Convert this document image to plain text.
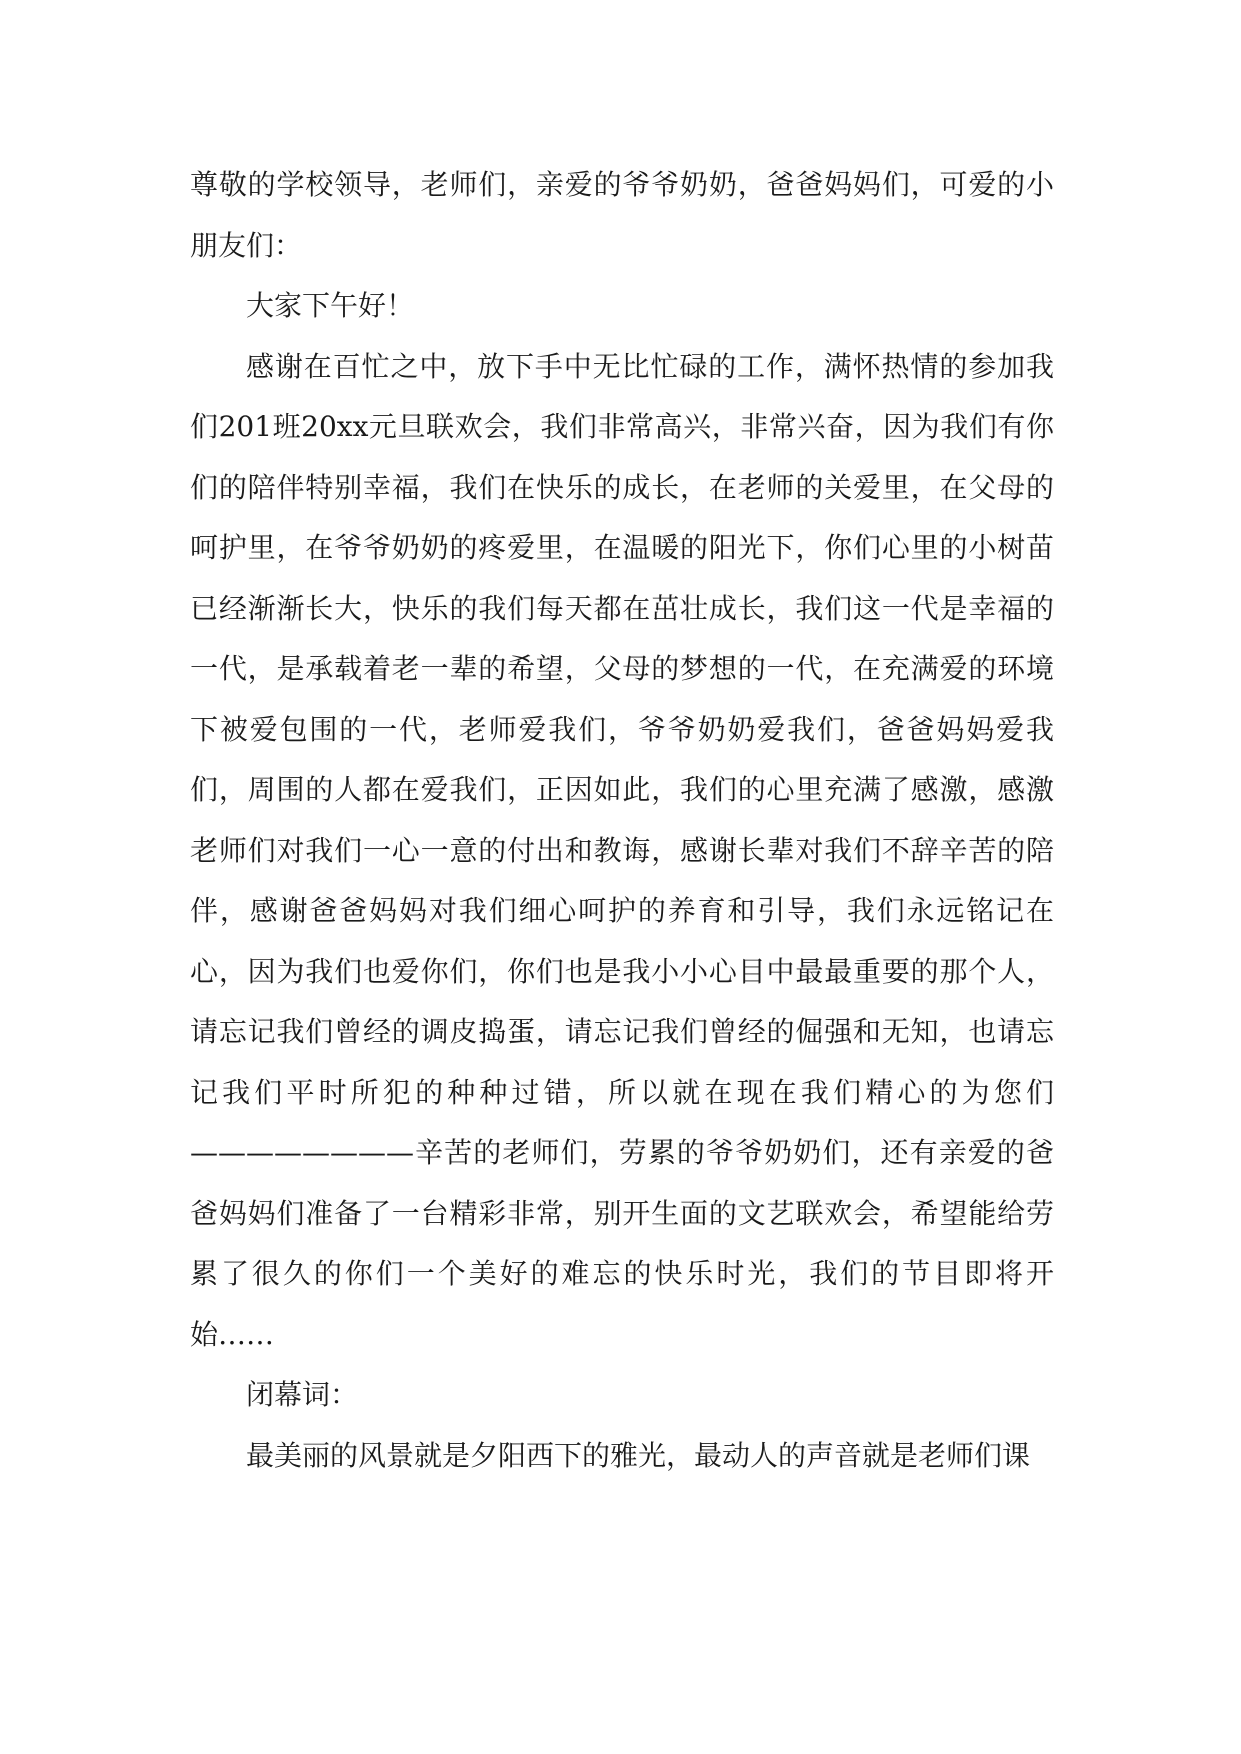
尊敬的学校领导，老师们，亲爱的爷爷奶奶，爸爸妈妈们，可爱的小朋友们：

大家下午好！

感谢在百忙之中，放下手中无比忙碌的工作，满怀热情的参加我们201班20xx元旦联欢会，我们非常高兴，非常兴奋，因为我们有你们的陪伴特别幸福，我们在快乐的成长，在老师的关爱里，在父母的呵护里，在爷爷奶奶的疼爱里，在温暖的阳光下，你们心里的小树苗已经渐渐长大，快乐的我们每天都在茁壮成长，我们这一代是幸福的一代，是承载着老一辈的希望，父母的梦想的一代，在充满爱的环境下被爱包围的一代，老师爱我们，爷爷奶奶爱我们，爸爸妈妈爱我们，周围的人都在爱我们，正因如此，我们的心里充满了感激，感激老师们对我们一心一意的付出和教诲，感谢长辈对我们不辞辛苦的陪伴，感谢爸爸妈妈对我们细心呵护的养育和引导，我们永远铭记在心，因为我们也爱你们，你们也是我小小心目中最最重要的那个人，请忘记我们曾经的调皮捣蛋，请忘记我们曾经的倔强和无知，也请忘记我们平时所犯的种种过错，所以就在现在我们精心的为您们————————辛苦的老师们，劳累的爷爷奶奶们，还有亲爱的爸爸妈妈们准备了一台精彩非常，别开生面的文艺联欢会，希望能给劳累了很久的你们一个美好的难忘的快乐时光，我们的节目即将开始……

闭幕词：

最美丽的风景就是夕阳西下的雅光，最动人的声音就是老师们课
